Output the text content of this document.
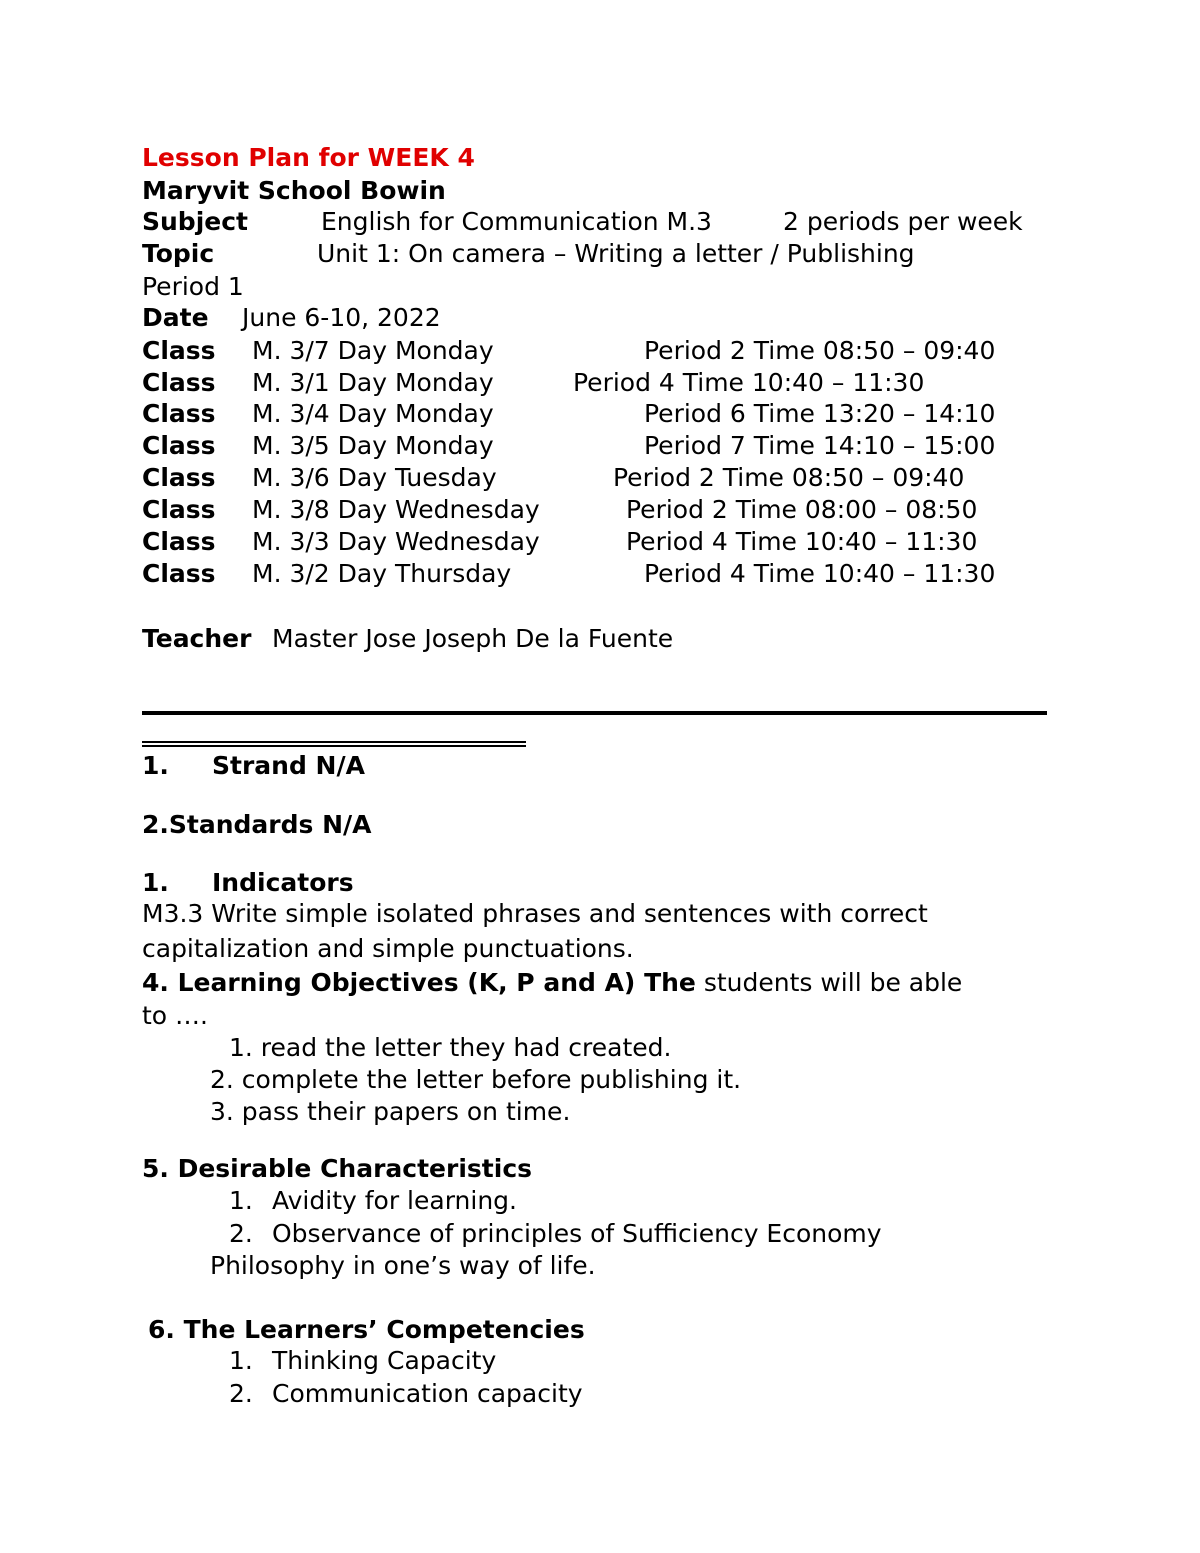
Lesson Plan for WEEK 4
Maryvit School Bowin
Subject	English for Communication M.3	2 periods per week
Topic	Unit 1: On camera – Writing a letter / Publishing
Period 1
Date June 6-10, 2022
Class M. 3/7 Day Monday	Period 2 Time 08:50 – 09:40
Class M. 3/1 Day Monday	Period 4 Time 10:40 – 11:30
Class M. 3/4 Day Monday	Period 6 Time 13:20 – 14:10
Class M. 3/5 Day Monday	Period 7 Time 14:10 – 15:00
Class M. 3/6 Day Tuesday	Period 2 Time 08:50 – 09:40
Class M. 3/8 Day Wednesday	Period 2 Time 08:00 – 08:50
Class M. 3/3 Day Wednesday	Period 4 Time 10:40 – 11:30
Class M. 3/2 Day Thursday	Period 4 Time 10:40 – 11:30
Teacher Master Jose Joseph De la Fuente
1. Strand N/A
2.Standards N/A
1. Indicators
M3.3 Write simple isolated phrases and sentences with correct
capitalization and simple punctuations.
4. Learning Objectives (K, P and A) The students will be able
to ….
1. read the letter they had created.
2. complete the letter before publishing it.
3. pass their papers on time.
5. Desirable Characteristics
1. Avidity for learning.
2. Observance of principles of Sufficiency Economy
Philosophy in one’s way of life.
6. The Learners’ Competencies
1. Thinking Capacity
2. Communication capacity
